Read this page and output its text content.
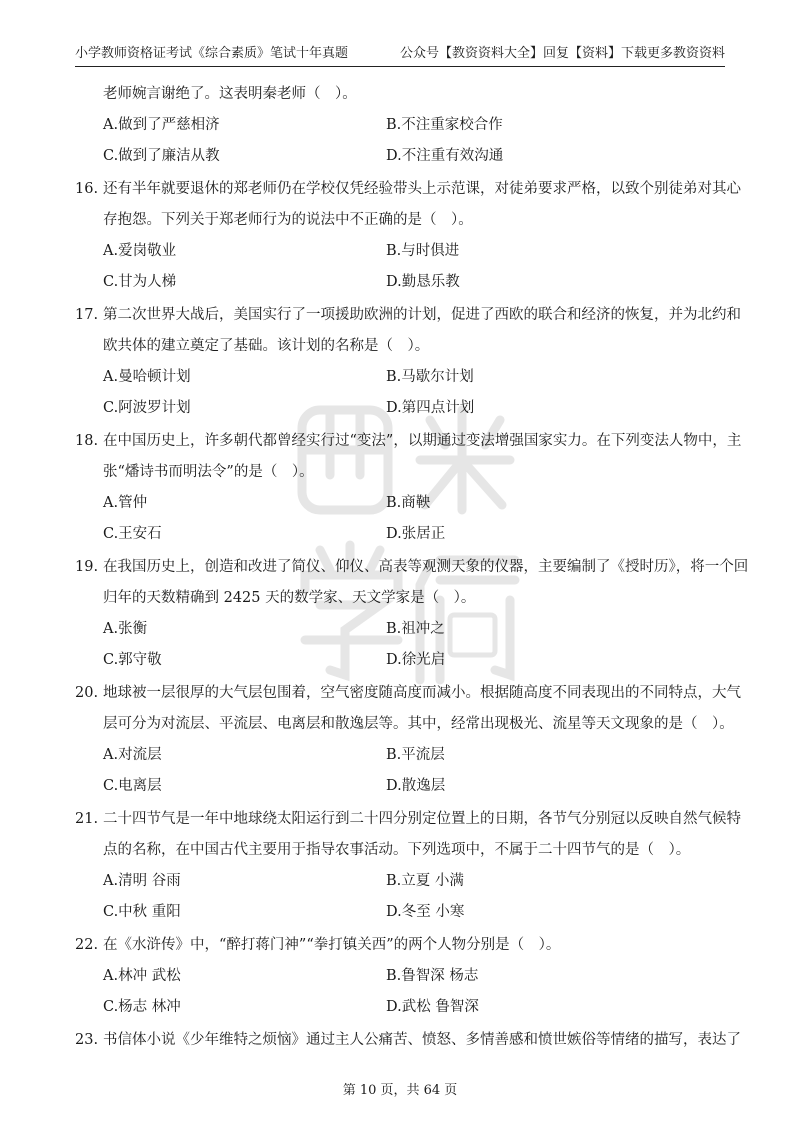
小学教师资格证考试《综合素质》笔试十年真题	公众号【教资资料大全】回复【资料】下载更多教资资料
老师婉言谢绝了。这表明秦老师（　）。
A.做到了严慈相济	B.不注重家校合作
C.做到了廉洁从教	D.不注重有效沟通
16. 还有半年就要退休的郑老师仍在学校仅凭经验带头上示范课，对徒弟要求严格，以致个别徒弟对其心
存抱怨。下列关于郑老师行为的说法中不正确的是（　）。
A.爱岗敬业	B.与时俱进
C.甘为人梯	D.勤恳乐教
17. 第二次世界大战后，美国实行了一项援助欧洲的计划，促进了西欧的联合和经济的恢复，并为北约和
欧共体的建立奠定了基础。该计划的名称是（　）。
A.曼哈顿计划	B.马歇尔计划
C.阿波罗计划	D.第四点计划
18. 在中国历史上，许多朝代都曾经实行过“变法”，以期通过变法增强国家实力。在下列变法人物中，主
张“燔诗书而明法令”的是（　）。
A.管仲	B.商鞅
C.王安石	D.张居正
19. 在我国历史上，创造和改进了简仪、仰仪、高表等观测天象的仪器，主要编制了《授时历》，将一个回
归年的天数精确到 2425 天的数学家、天文学家是（　）。
A.张衡	B.祖冲之
C.郭守敬	D.徐光启
20. 地球被一层很厚的大气层包围着，空气密度随高度而减小。根据随高度不同表现出的不同特点，大气
层可分为对流层、平流层、电离层和散逸层等。其中，经常出现极光、流星等天文现象的是（　）。
A.对流层	B.平流层
C.电离层	D.散逸层
21. 二十四节气是一年中地球绕太阳运行到二十四分别定位置上的日期，各节气分别冠以反映自然气候特
点的名称，在中国古代主要用于指导农事活动。下列选项中，不属于二十四节气的是（　）。
A.清明 谷雨	B.立夏 小满
C.中秋 重阳	D.冬至 小寒
22. 在《水浒传》中，“醉打蒋门神”“拳打镇关西”的两个人物分别是（　）。
A.林冲 武松	B.鲁智深 杨志
C.杨志 林冲	D.武松 鲁智深
23. 书信体小说《少年维特之烦恼》通过主人公痛苦、愤怒、多情善感和愤世嫉俗等情绪的描写，表达了
第 10 页，共 64 页
